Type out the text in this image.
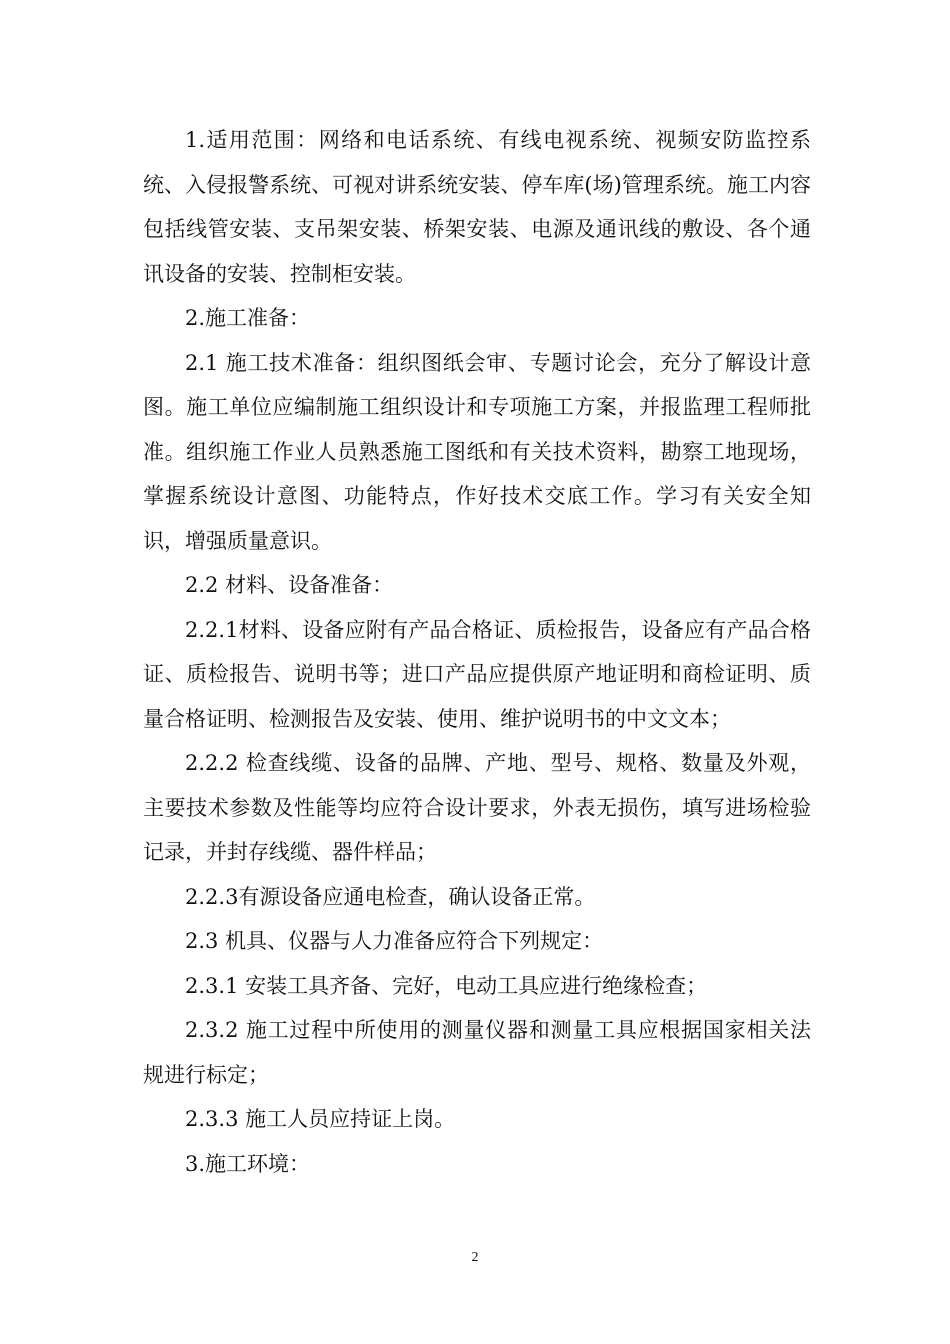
1.适用范围：网络和电话系统、有线电视系统、视频安防监控系统、入侵报警系统、可视对讲系统安装、停车库(场)管理系统。施工内容包括线管安装、支吊架安装、桥架安装、电源及通讯线的敷设、各个通讯设备的安装、控制柜安装。

2.施工准备：

2.1 施工技术准备：组织图纸会审、专题讨论会，充分了解设计意图。施工单位应编制施工组织设计和专项施工方案，并报监理工程师批准。组织施工作业人员熟悉施工图纸和有关技术资料，勘察工地现场，掌握系统设计意图、功能特点，作好技术交底工作。学习有关安全知识，增强质量意识。

2.2 材料、设备准备：

2.2.1材料、设备应附有产品合格证、质检报告，设备应有产品合格证、质检报告、说明书等；进口产品应提供原产地证明和商检证明、质量合格证明、检测报告及安装、使用、维护说明书的中文文本；

2.2.2 检查线缆、设备的品牌、产地、型号、规格、数量及外观，主要技术参数及性能等均应符合设计要求，外表无损伤，填写进场检验记录，并封存线缆、器件样品；

2.2.3有源设备应通电检查，确认设备正常。

2.3 机具、仪器与人力准备应符合下列规定：

2.3.1 安装工具齐备、完好，电动工具应进行绝缘检查；

2.3.2 施工过程中所使用的测量仪器和测量工具应根据国家相关法规进行标定；

2.3.3 施工人员应持证上岗。

3.施工环境：

2
